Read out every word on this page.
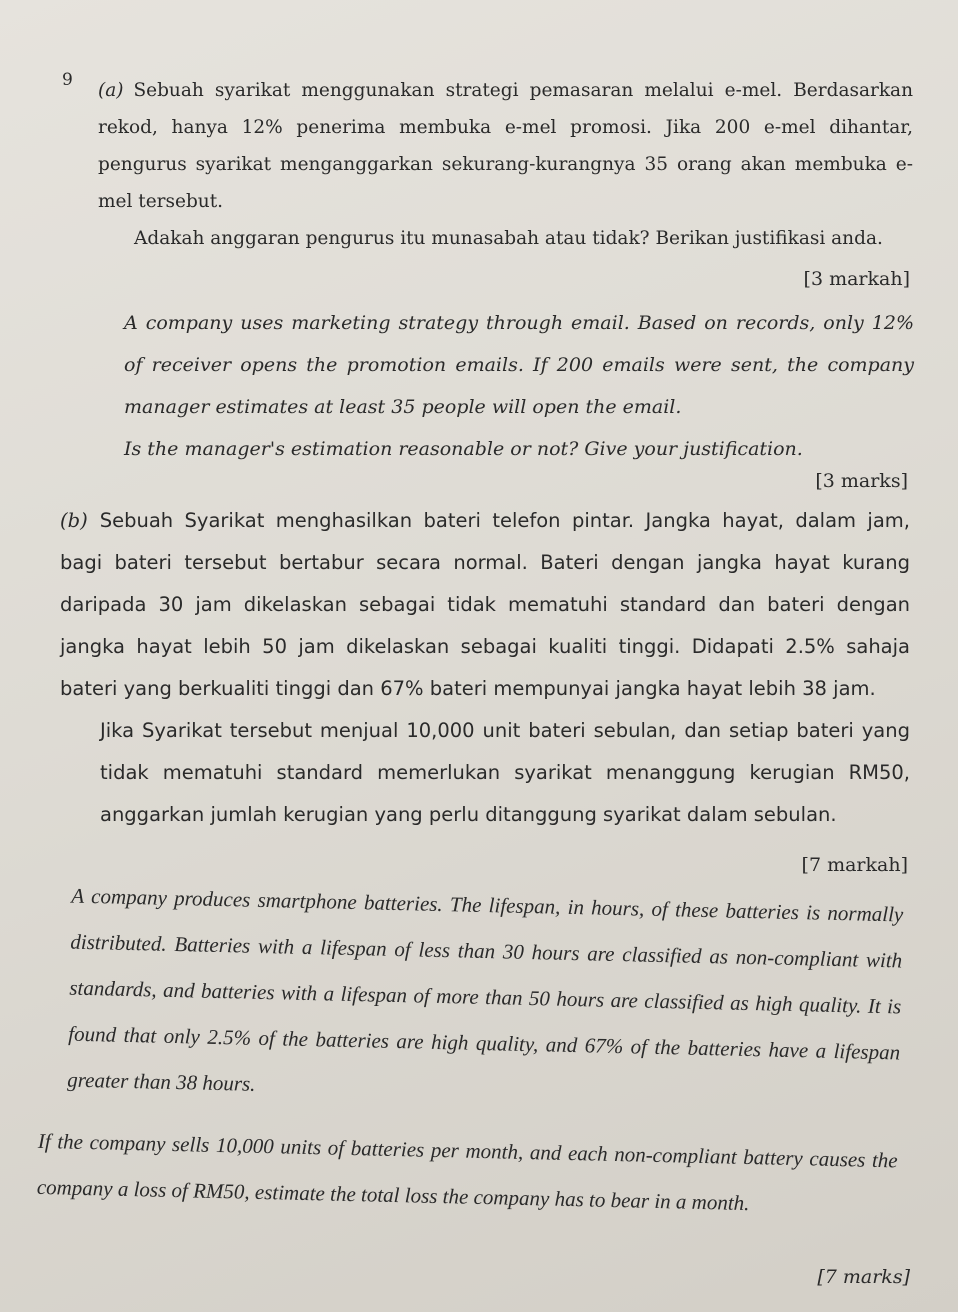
9 (a) Sebuah syarikat menggunakan strategi pemasaran melalui e-mel. Berdasarkan rekod, hanya 12% penerima membuka e-mel promosi. Jika 200 e-mel dihantar, pengurus syarikat menganggarkan sekurang-kurangnya 35 orang akan membuka e-mel tersebut.
Adakah anggaran pengurus itu munasabah atau tidak? Berikan justifikasi anda.
[3 markah]
A company uses marketing strategy through email. Based on records, only 12% of receiver opens the promotion emails. If 200 emails were sent, the company manager estimates at least 35 people will open the email.
Is the manager's estimation reasonable or not? Give your justification.
[3 marks]
(b) Sebuah Syarikat menghasilkan bateri telefon pintar. Jangka hayat, dalam jam, bagi bateri tersebut bertabur secara normal. Bateri dengan jangka hayat kurang daripada 30 jam dikelaskan sebagai tidak mematuhi standard dan bateri dengan jangka hayat lebih 50 jam dikelaskan sebagai kualiti tinggi. Didapati 2.5% sahaja bateri yang berkualiti tinggi dan 67% bateri mempunyai jangka hayat lebih 38 jam.
Jika Syarikat tersebut menjual 10,000 unit bateri sebulan, dan setiap bateri yang tidak mematuhi standard memerlukan syarikat menanggung kerugian RM50, anggarkan jumlah kerugian yang perlu ditanggung syarikat dalam sebulan.
[7 markah]

A company produces smartphone batteries. The lifespan, in hours, of these batteries is normally distributed. Batteries with a lifespan of less than 30 hours are classified as non-compliant with standards, and batteries with a lifespan of more than 50 hours are classified as high quality. It is found that only 2.5% of the batteries are high quality, and 67% of the batteries have a lifespan greater than 38 hours.

If the company sells 10,000 units of batteries per month, and each non-compliant battery causes the company a loss of RM50, estimate the total loss the company has to bear in a month.

[7 marks]
